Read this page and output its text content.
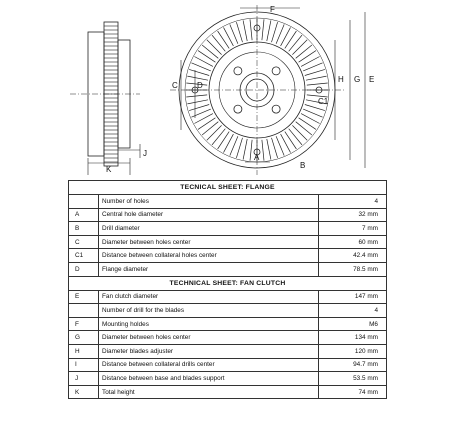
F
C D
H G E
C1
A
B
K
J
TECNICAL SHEET: FLANGE		
	Number of holes	4
A	Central hole diameter	32 mm
B	Drill diameter	7 mm
C	Diameter between holes center	60 mm
C1	Distance between collateral holes center	42.4 mm
D	Flange diameter	78.5 mm
TECHNICAL SHEET: FAN CLUTCH		
E	Fan clutch diameter	147 mm
	Number of drill for the blades	4
F	Mounting holdes	M6
G	Diameter between holes center	134 mm
H	Diameter blades adjuster	120 mm
I	Distance between collateral drills center	94.7 mm
J	Distance between base and blades support	53.5 mm
K	Total height	74 mm
